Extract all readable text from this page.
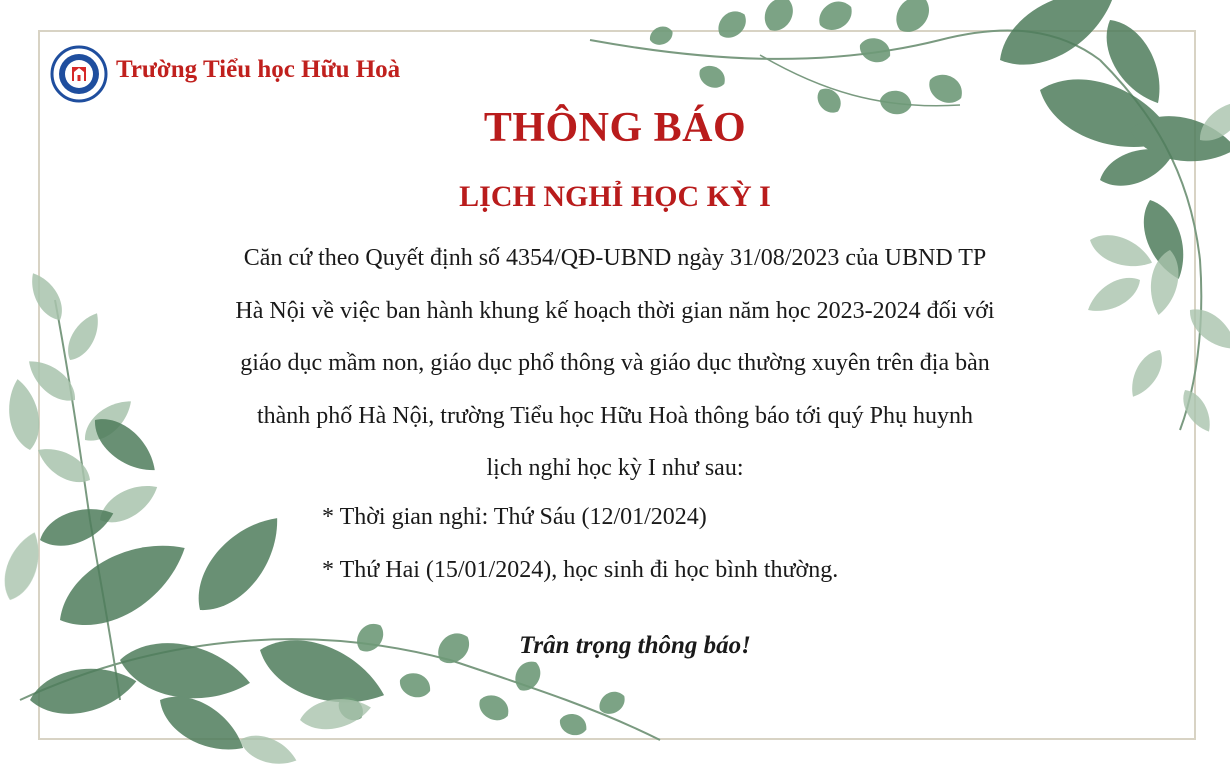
Trường Tiểu học Hữu Hoà
THÔNG BÁO
LỊCH NGHỈ HỌC KỲ I
Căn cứ theo Quyết định số 4354/QĐ-UBND ngày 31/08/2023 của UBND TP
Hà Nội về việc ban hành khung kế hoạch thời gian năm học 2023-2024 đối với
giáo dục mầm non, giáo dục phổ thông và giáo dục thường xuyên trên địa bàn
thành phố Hà Nội, trường Tiểu học Hữu Hoà thông báo tới quý Phụ huynh
lịch nghỉ học kỳ I như sau:
* Thời gian nghỉ: Thứ Sáu (12/01/2024)
* Thứ Hai (15/01/2024), học sinh đi học bình thường.
Trân trọng thông báo!
